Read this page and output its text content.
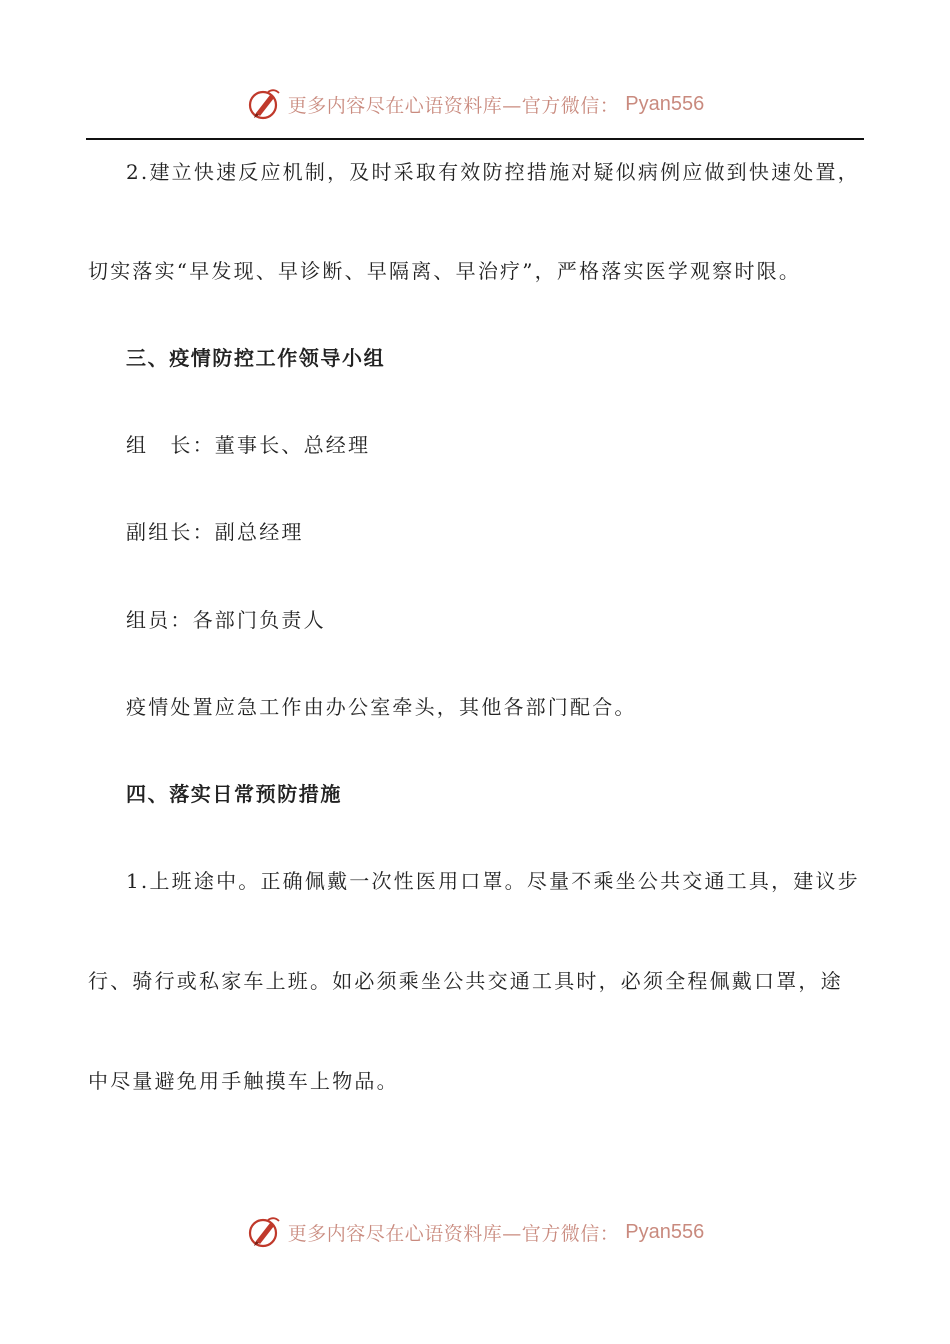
更多内容尽在心语资料库—官方微信： Pyan556
2.建立快速反应机制，及时采取有效防控措施对疑似病例应做到快速处置，
切实落实“早发现、早诊断、早隔离、早治疗”，严格落实医学观察时限。
三、疫情防控工作领导小组
组　长：董事长、总经理
副组长：副总经理
组员：各部门负责人
疫情处置应急工作由办公室牵头，其他各部门配合。
四、落实日常预防措施
1.上班途中。正确佩戴一次性医用口罩。尽量不乘坐公共交通工具，建议步
行、骑行或私家车上班。如必须乘坐公共交通工具时，必须全程佩戴口罩，途
中尽量避免用手触摸车上物品。
更多内容尽在心语资料库—官方微信： Pyan556
